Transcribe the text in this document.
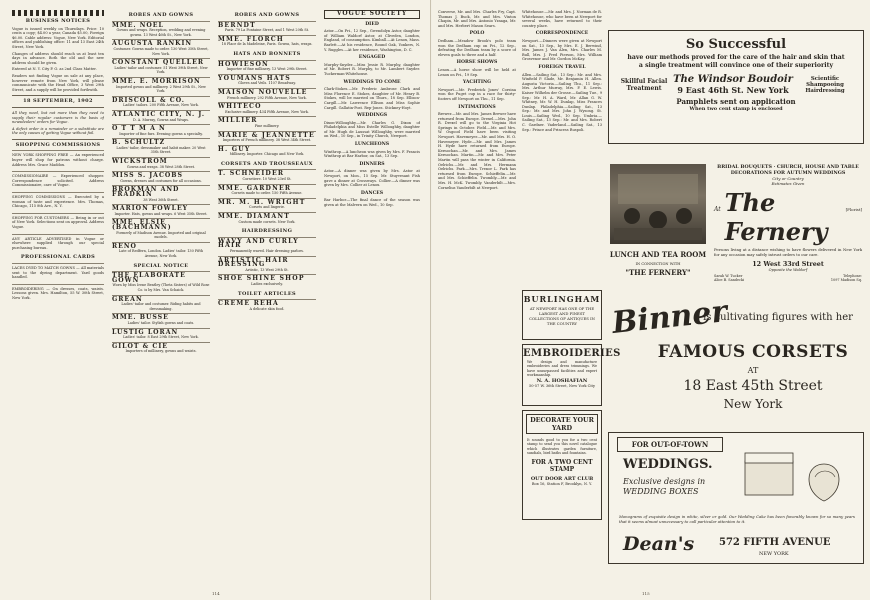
BUSINESS NOTICES

Vogue is issued weekly on Thursdays. Price: 10 cents a copy; $4.00 a year, Canada $5.00, Foreign $6.00. Cable address: Vogue, New York. Editorial offices and publishing office: 11 and 13 East 24th Street, New York.

Changes of address should reach us at least ten days in advance. Both the old and the new address should be given.

Entered at N. Y. City P. O. as 2nd Class Matter.

Readers not finding Vogue on sale at any place, however remote from New York, will please communicate with the Head Office, 3 West 29th Street, and a supply will be provided forthwith.

18 SEPTEMBER, 1902

All they need, but not more than they need to supply their regular customers is the basis of newsdealers' orders for Vogue.

A defect order is a remainder or a substitute are the only causes of getting Vogue without fail.

SHOPPING COMMISSIONS

NEW YORK SHOPPING FREE — An experienced buyer will shop for patrons without charge. Address Mrs. Grace Maddox.

COMMISSIONAIRE — Experienced shopper. Correspondence solicited. Address Commissionaire, care of Vogue.

SHOPPING COMMISSIONS — Executed by a woman of taste and experience. Mrs. Thomas, Chicago, 115 8th Ave., N. Y.

SHOPPING FOR CUSTOMERS — Being in or out of New York. Selections sent on approval. Address Vogue.

ANY ARTICLE ADVERTISED in Vogue or elsewhere supplied through our special purchasing bureau.

PROFESSIONAL CARDS

LACES DYED TO MATCH GOWNS — All materials sent to the dyeing department. Yard goods handled.

EMBROIDERING — On dresses, coats, waists. Lessons given. Mrs. Hamilton, 55 W. 30th Street, New York.

ROBES AND GOWNS
MME. NOEL
Gowns and wraps. Reception, wedding and evening gowns. 13 West 46th St., New York.
AUGUSTA RANKIN
Costumer. Gowns made to order. 130 West 35th Street, New York.
CONSTANT QUELLER
Ladies' tailor and costumer. 51 West 39th Street, New York.
MME. E. MORRISON
Imported gowns and millinery. 2 West 29th St., New York.
DRISCOLL & CO.
Ladies' tailors. 200 Fifth Avenue, New York.
ATLANTIC CITY, N. J.
D. A. Murray, Gowns and Wraps.
O T T M A N
Importer of fine furs. Evening gowns a specialty.
B. SCHULTZ
Ladies' tailor, dressmaker and habit maker. 20 West 35th Street.
WICKSTROM
Gowns and wraps. 38 West 28th Street.
MISS S. JACOBS
Gowns, dresses and costumes for all occasions.
BROKMAN AND FRADKIN
38 West 36th Street.
MARION FOWLEY
Importer. Hats, gowns and wraps. 6 West 35th Street.
MME. ELSIE (BACHMANN)
Formerly of Madison Avenue. Imported and original models.
RENO
Late of Redfern, London. Ladies' tailor. 130 Fifth Avenue, New York.
SPECIAL NOTICE
THE ELABORATE GOWN
Worn by Miss Irene Bentley (Theta Sisters) of Wild Rose Co. is by Mrs. Van Schaick.
GREAN
Ladies' tailor and costumer. Riding habits and dressmaking.
MME. BUSSE
Ladies' tailor. Stylish gowns and coats.
LUSTIG LORAN
Ladies' tailor. 8 East 29th Street, New York.
GILOT & CIE
Importers of millinery, gowns and waists.
ROBES AND GOWNS
BERNDT
Paris. 79 La Fontaine Street, and 1 West 20th St.
MME. FLORCH
18 Place de la Madeleine, Paris. Gowns, hats, wraps.
HATS AND BONNETS
HOWIESON
Importer of fine millinery. 13 West 29th Street.
YOUMANS HATS
Gloves and Veils. 1107 Broadway.
MAISON NOUVELLE
French millinery. 292 Fifth Avenue, New York.
WHITECO
Exclusive millinery. 434 Fifth Avenue, New York.
MILLIER
Fine millinery.
MARIE & JEANNETTE
Importers of French millinery. 38 West 34th Street.
H. GUY
Millinery. Importer. Chicago and New York.
CORSETS AND TROUSSEAUX
T. SCHNEIDER
Corsetiere. 10 West 23rd St.
MME. GARDNER
Corsets made to order. 150 Fifth Avenue.
MR. M. H. WRIGHT
Corsets and lingerie.
MME. DIAMANT
Custom made corsets. New York.
HAIRDRESSING
WAVY AND CURLY HAIR
Permanently waved. Hair dressing parlors.
ARTISTIC HAIR DRESSING
Artistic, 13 West 29th St.
SHOE SHINE SHOP
Ladies exclusively.
TOILET ARTICLES
CREME REHA
A delicate skin food.
VOGUE SOCIETY
DIED

Astor.—On Fri., 12 Sep., Gwendolyn Astor, daughter of William Waldorf Astor, at Cliveden, London, England, of consumption. Kimball.—At Lenox, Mass. Barlett.—At his residence, Round Oak, Yonkers, N. Y. Ruggles.—At her residence, Washington, D. C.

ENGAGED

Murphy-Snyder.—Miss Jessie R. Murphy, daughter of Mr. Robert R. Murphy, to Mr. Lambert Snyder. Tuckerman-Whitehouse.

WEDDINGS TO COME

Clark-Stokes.—Mr. Frederic Ambrose Clark and Miss Florence E. Stokes, daughter of Mr. Henry B. Stokes, will be married on Thurs., 18 Sep. Ellison-Cargill.—Mr. Lawrence Ellison and Miss Sophie Cargill. Gallatin-Post. Rep-Jones. Stickney-Hoyt.

WEDDINGS

Dixon-Willoughby.—Mr. Charles G. Dixon of Philadelphia and Miss Estelle Willoughby, daughter of Mr. Hugh de Laussat Willoughby, were married on Wed., 10 Sep., in Trinity Church, Newport.

LUNCHEONS

Winthrop.—A luncheon was given by Mrs. F. Francis Winthrop at Bar Harbor, on Sat., 13 Sep.

DINNERS

Astor.—A dinner was given by Mrs. Astor at Newport, on Mon., 15 Sep. Mr. Stuyvesant Fish gave a dinner at Crossways. Collier.—A dinner was given by Mrs. Collier at Lenox.

DANCES

Bar Harbor.—The final dance of the season was given at the Malvern on Wed., 10 Sep.

114

Converse, Mr. and Mrs. Charles Fry, Capt. Thomas J. Buck, Mr. and Mrs. Vinton Chapin, Mr. and Mrs. Antonio Yznaga, Mr. and Mrs. Herbert Mason Sears.

POLO

Dedham.—Meadow Brook's polo team won the Dedham cup on Fri., 12 Sep., defeating the Dedham team by a score of eleven goals to three and a half.

HORSE SHOWS

Lenox.—A horse show will be held at Lenox on Fri., 19 Sep.

YACHTING

Newport.—Mr. Frederick Jones' Corsina won the Puget cup in a race for thirty-footers off Newport on Thu., 11 Sep.

INTIMATIONS

Brewer.—Mr. and Mrs. James Brewer have returned from Europe. Drexel.—Mrs. John R. Drexel will go to the Virginia Hot Springs in October. Field.—Mr. and Mrs. W. Osgood Field have been visiting Newport. Havemeyer.—Mr. and Mrs. H. O. Havemeyer. Hyde.—Mr. and Mrs. James H. Hyde have returned from Europe. Kernochan.—Mr. and Mrs. James Kernochan. Martin.—Mr. and Mrs. Peter Martin will pass the winter in California. Oelrichs.—Mr. and Mrs. Hermann Oelrichs. Park.—Mrs. Trenor L. Park has returned from Europe. Schieffelin.—Mr. and Mrs. Schieffelin. Twombly.—Mr. and Mrs. H. McK. Twombly. Vanderbilt.—Mrs. Cornelius Vanderbilt at Newport.

Whitehouse.—Mr. and Mrs. J. Norman de R. Whitehouse, who have been at Newport for several weeks, have returned to their country place.

CORRESPONDENCE

Newport.—Dinners were given at Newport on Sat., 13 Sep., by Mrs. E. J. Berwind, Mrs. James J. Van Alen, Mrs. Charles M. Bull, Mrs. J. Fred Pierson, Mrs. William Grosvenor and Mr. Gordon McKay.

FOREIGN TRAVEL

Allen.—Sailing Sat., 13 Sep.: Mr. and Mrs. Winfield P. Slade, Mr. Benjamin H. Allen. Augusta Victoria.—Sailing Thu., 11 Sep.: Mrs. Arthur Murray, Mrs. F. E. Lewis. Kaiser Wilhelm der Grosse.—Sailing Tue., 9 Sep.: Mr. H. A. Ward, Mr. Allan G. W. Whitney, Mr. W. H. Dunlap, Miss Frances Dunlap. Philadelphia.—Sailing Sat., 13 Sep.: Mr. and Mrs. John J. Wysong. St. Louis.—Sailing Wed., 10 Sep. Umbria.—Sailing Sat., 13 Sep.: Mr. and Mrs. Robert C. Gardner. Vaderland.—Sailing Sat., 13 Sep.: Prince and Princess Ruspoli.

BURLINGHAM
AT NEWPORT HAS ONE OF THE LARGEST AND FINEST COLLECTIONS OF ANTIQUES IN THE COUNTRY
EMBROIDERIES
We design and manufacture embroideries and dress trimmings. We have unsurpassed facilities and expert workmanship.
N. A. HOSHAFIAN
50-57 W. 36th Street, New York City
DECORATE YOUR YARD
It sounds good to you for a two cent stamp to send you this novel catalogue which illustrates garden furniture, sundials, bird baths and fountains.
FOR A TWO CENT STAMP
OUT DOOR ART CLUB
Box 16, Station F, Brooklyn, N. Y.
So Successful
have our methods proved for the care of the hair and skin that a single treatment will convince one of their superiority
Skillful Facial Treatment
The Windsor Boudoir
9 East 46th St. New York
Scientific Shampooing Hairdressing
Pamphlets sent on application
When two cent stamp is enclosed
LUNCH AND TEA ROOM
IN CONNECTION WITH
"THE FERNERY"
BRIDAL BOUQUETS · CHURCH, HOUSE AND TABLE DECORATIONS FOR AUTUMN WEDDINGS
City or Country
Estimates Given
At The Fernery
[Florist]
Persons living at a distance wishing to have flowers delivered in New York for any occasion may safely intrust orders to our care.
12 West 33rd Street
Opposite the Waldorf
Sarah W. Tucker	Telephone:
Alice B. Sandecki	1097 Madison Sq.
Binner
is cultivating figures with her
FAMOUS CORSETS
AT
18 East 45th Street
New York
FOR OUT-OF-TOWN
WEDDINGS.
Exclusive designs in WEDDING BOXES
Monograms of exquisite design in white, silver or gold. Our Wedding Cake has been favorably known for so many years that it seems almost unnecessary to call particular attention to it.
Dean's 572 FIFTH AVENUE
NEW YORK
115
